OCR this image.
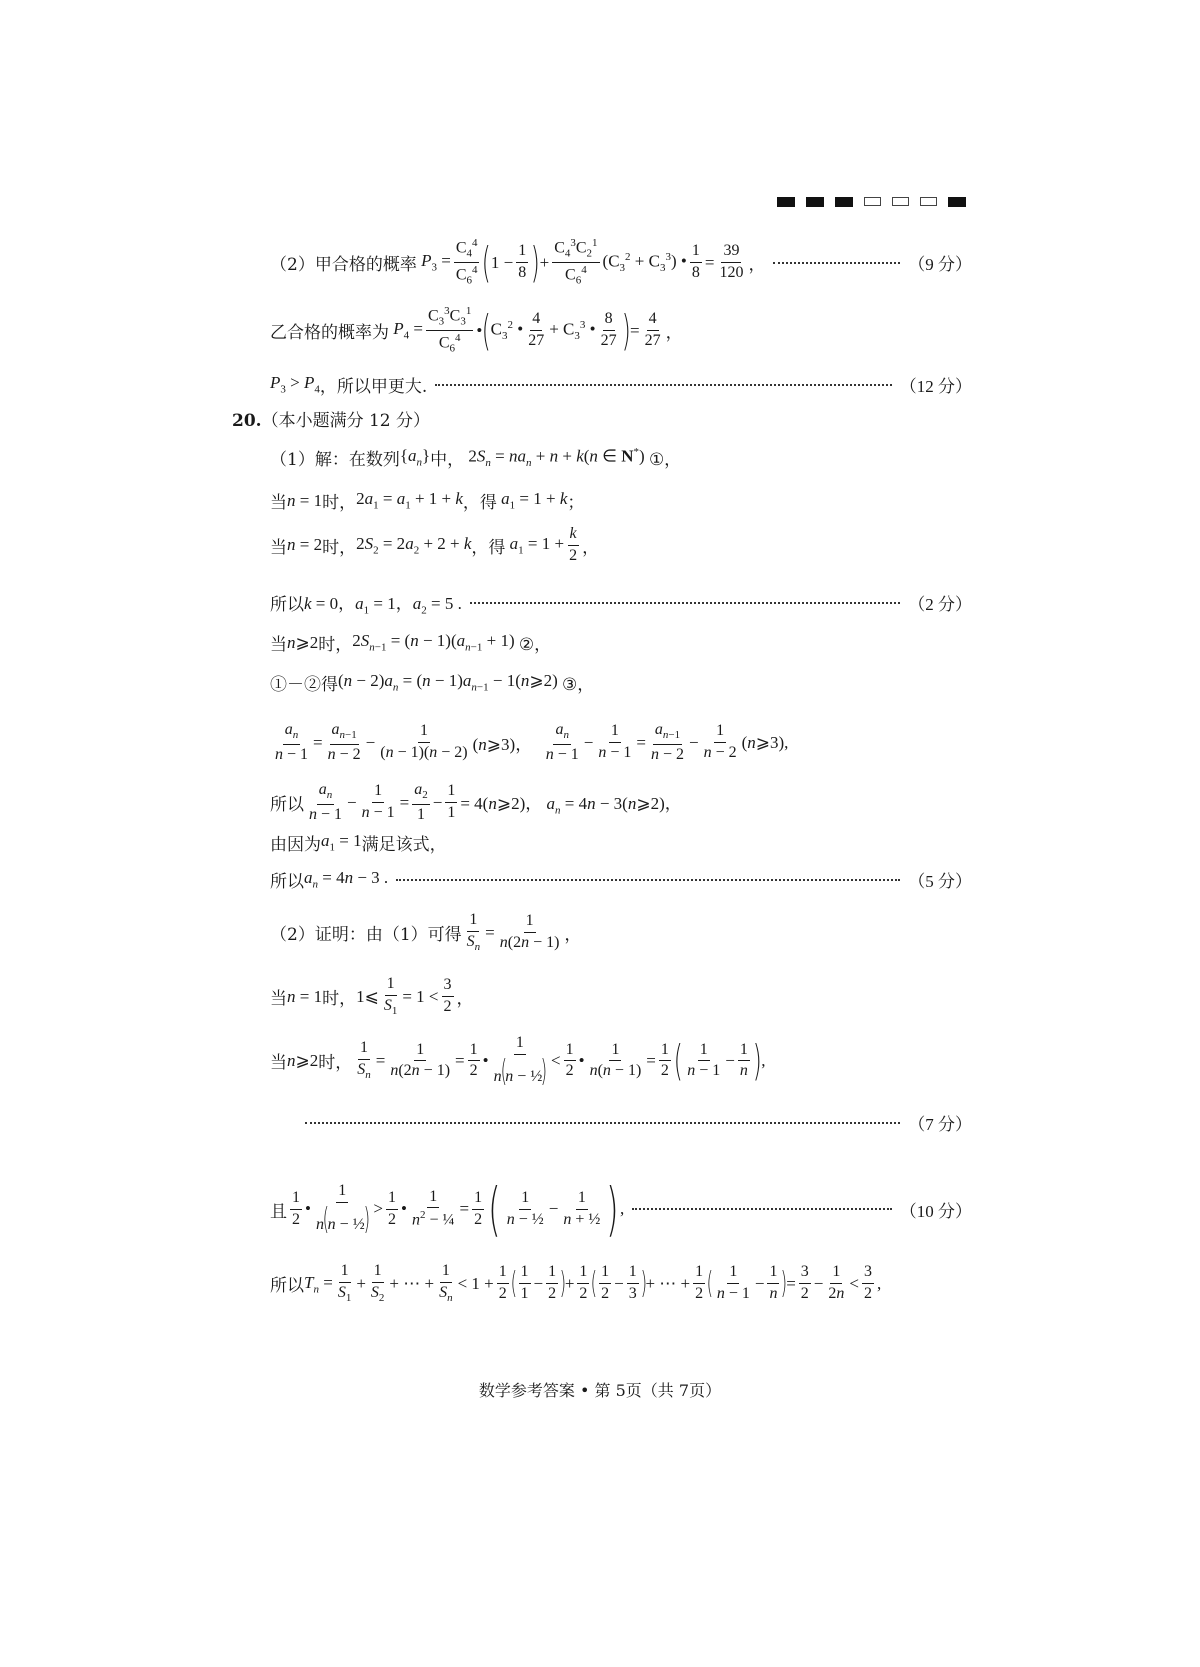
（2）甲合格的概率 $P_3 = \frac{C_4^4}{C_6^4}$ ( $1 - \frac{1}{8}$ ) + $\frac{C_4^3C_2^1}{C_6^4} (C_3^2 + C_3^3)$ • $\frac{1}{8} = \frac{39}{120}$ ，	（9 分）
乙合格的概率为 $P_4 = \frac{C_3^3C_3^1}{C_6^4}$ • ( $C_3^2$ • $\frac{4}{27} + C_3^3$ • $\frac{8}{27}$ ) = $\frac{4}{27}$ ，
$P_3 > P_4$ ，所以甲更大.	（12 分）
20.（本小题满分 12 分）
（1）解：在数列 $\{a_n\}$ 中， $2S_n = na_n + n + k(n$ ∈ N*) ①，
当 n = 1 时， $2a_1 = a_1 + 1 + k$ ，得 $a_1 = 1 + k$ ；
当 n = 2 时， $2S_2 = 2a_2 + 2 + k$ ，得 $a_1 = 1 + \frac{k}{2}$ ，
所以 k = 0，$a_1 = 1$，$a_2 = 5$ .	（2 分）
当 n⩾2 时， $2S_{n-1} = (n - 1)(a_{n-1} + 1)$ ②，
①－②得 $(n - 2)a_n = (n - 1)a_{n-1}$ − 1(n⩾2) ③，
$\frac{a_n}{n - 1} = \frac{a_{n-1}}{n - 2} - \frac{1}{(n - 1)(n - 2)}$ (n⩾3)， $\frac{a_n}{n - 1} - \frac{1}{n - 1} = \frac{a_{n-1}}{n - 2} - \frac{1}{n - 2}$ (n⩾3),
所以 $\frac{a_n}{n - 1} - \frac{1}{n - 1} = \frac{a_2}{1} - \frac{1}{1}$ = 4(n⩾2)， $a_n = 4n$ − 3(n⩾2)，
由因为 $a_1 = 1$ 满足该式，
所以 $a_n = 4n - 3$ .	（5 分）
（2）证明：由（1）可得 $\frac{1}{S_n} = \frac{1}{n(2n - 1)}$ ，
当 n = 1 时， 1⩽ $\frac{1}{S_1} = 1 < \frac{3}{2}$ ，
当 n⩾2 时， $\frac{1}{S_n} = \frac{1}{n(2n - 1)} = \frac{1}{2}$ • $\frac{1}{\text{n(n − ½)}} < \frac{1}{2}$ • $\frac{1}{n(n - 1)} = \frac{1}{2}$ ( $\frac{1}{n - 1} - \frac{1}{n}$ ) ,
（7 分）
且 $\frac{1}{2}$ • $\frac{1}{\text{n(n − ½)}} > \frac{1}{2}$ • $\frac{1}{n^2 - \frac{1}{4}} = \frac{1}{2}$ ( $\frac{1}{\text{n − ½}} - \frac{1}{\text{n + ½}}$ ) ,	（10 分）
所以 $T_n = \frac{1}{S_1} + \frac{1}{S_2}$ + ⋯ + $\frac{1}{S_n} < 1 + \frac{1}{2}$ ( $\frac{1}{1} - \frac{1}{2}$ )
+ $\frac{1}{2}$ ( $\frac{1}{2} - \frac{1}{3}$ )
+ ⋯ + $\frac{1}{2}$ ( $\frac{1}{n - 1} - \frac{1}{n}$ )
= $\frac{3}{2} - \frac{1}{2n} < \frac{3}{2}$ ,
数学参考答案 • 第 5页（共 7页）
